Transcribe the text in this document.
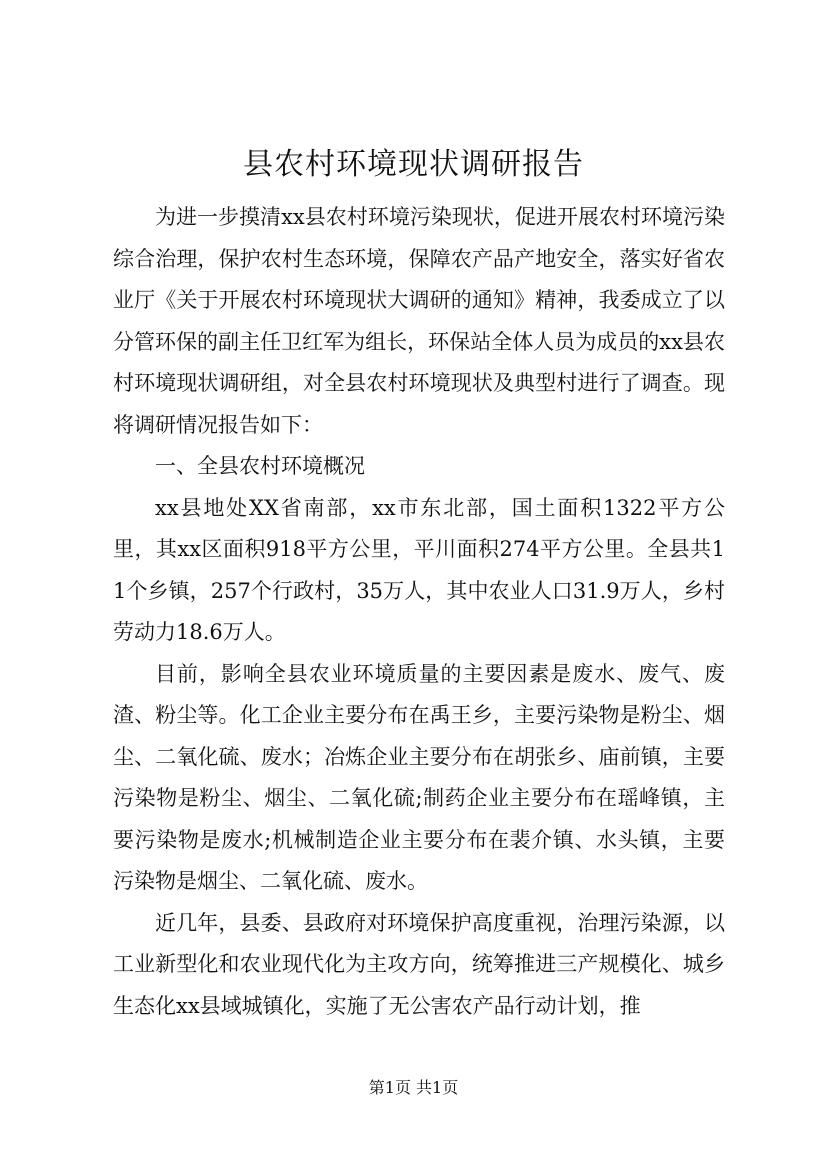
县农村环境现状调研报告

为进一步摸清xx县农村环境污染现状，促进开展农村环境污染综合治理，保护农村生态环境，保障农产品产地安全，落实好省农业厅《关于开展农村环境现状大调研的通知》精神，我委成立了以分管环保的副主任卫红军为组长，环保站全体人员为成员的xx县农村环境现状调研组，对全县农村环境现状及典型村进行了调查。现将调研情况报告如下：

一、全县农村环境概况

xx县地处XX省南部，xx市东北部，国土面积1322平方公里，其xx区面积918平方公里，平川面积274平方公里。全县共11个乡镇，257个行政村，35万人，其中农业人口31.9万人，乡村劳动力18.6万人。

目前，影响全县农业环境质量的主要因素是废水、废气、废渣、粉尘等。化工企业主要分布在禹王乡，主要污染物是粉尘、烟尘、二氧化硫、废水；冶炼企业主要分布在胡张乡、庙前镇，主要污染物是粉尘、烟尘、二氧化硫;制药企业主要分布在瑶峰镇，主要污染物是废水;机械制造企业主要分布在裴介镇、水头镇，主要污染物是烟尘、二氧化硫、废水。

近几年，县委、县政府对环境保护高度重视，治理污染源，以工业新型化和农业现代化为主攻方向，统筹推进三产规模化、城乡生态化xx县域城镇化，实施了无公害农产品行动计划，推

第1页 共1页
